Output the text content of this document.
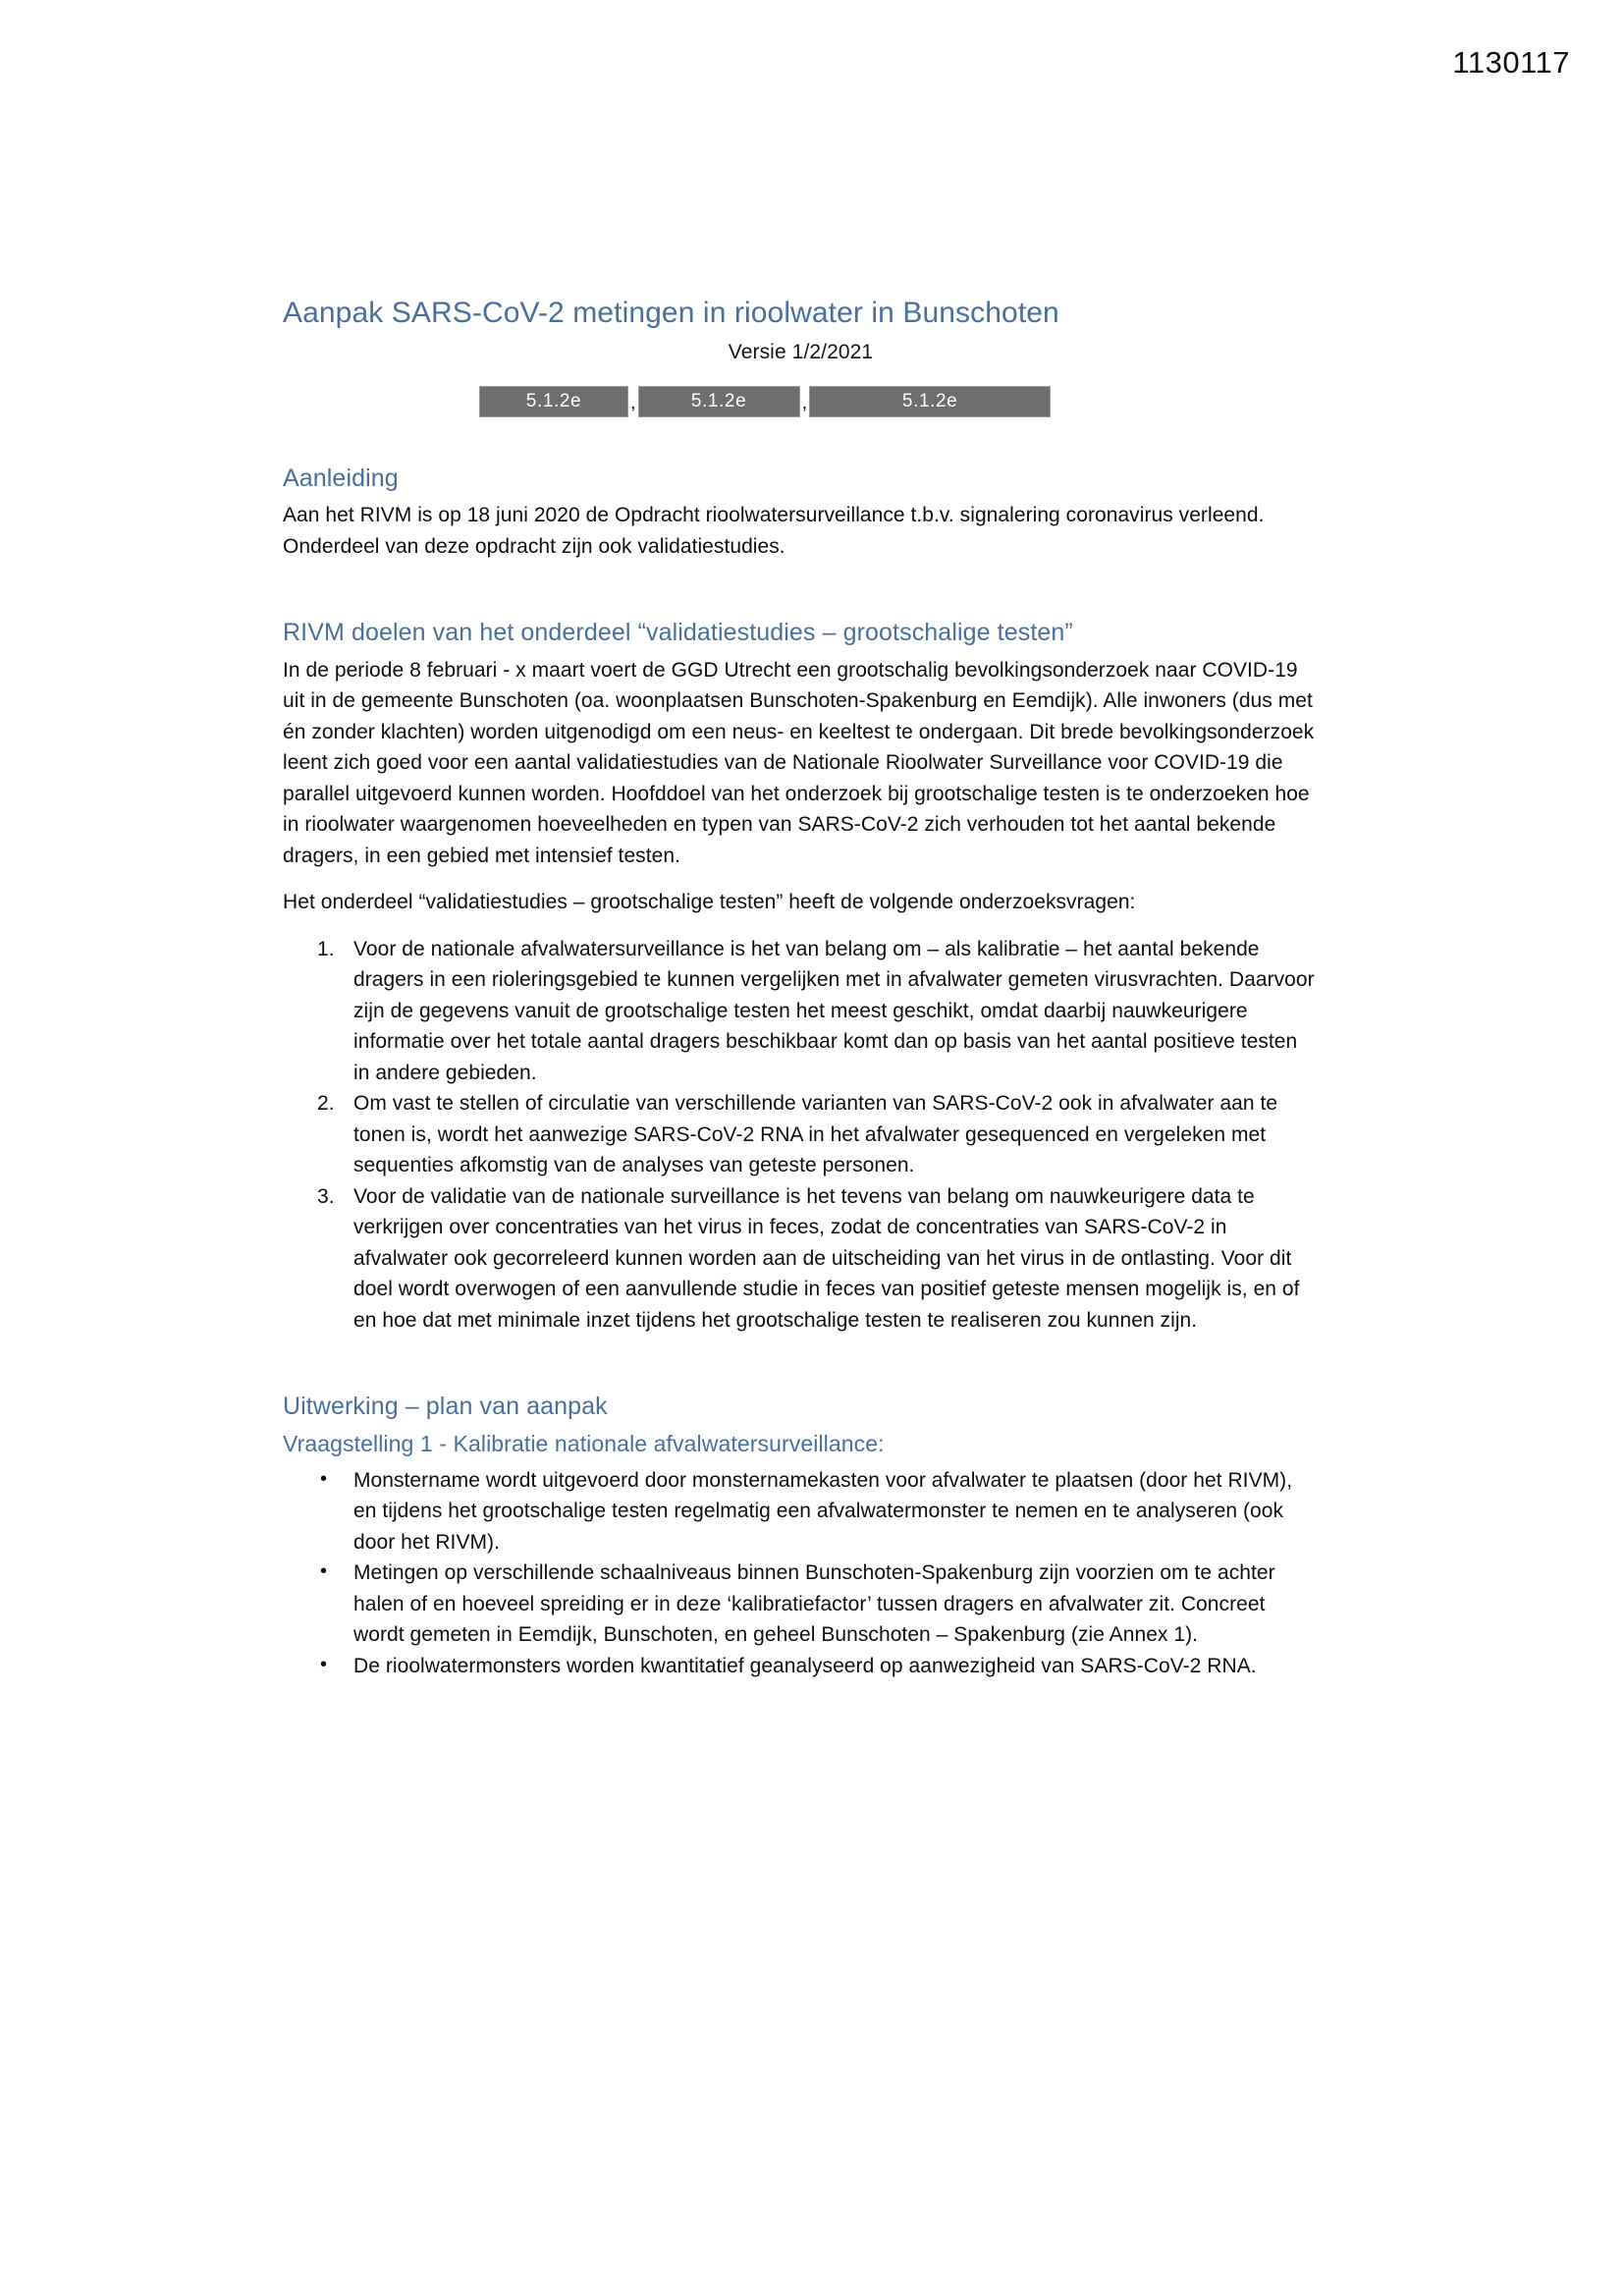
1130117
Aanpak SARS-CoV-2 metingen in rioolwater in Bunschoten
Versie 1/2/2021
5.1.2e	,	5.1.2e	,	5.1.2e
Aanleiding

Aan het RIVM is op 18 juni 2020 de Opdracht rioolwatersurveillance t.b.v. signalering coronavirus verleend. Onderdeel van deze opdracht zijn ook validatiestudies.

RIVM doelen van het onderdeel “validatiestudies – grootschalige testen”

In de periode 8 februari - x maart voert de GGD Utrecht een grootschalig bevolkingsonderzoek naar COVID-19 uit in de gemeente Bunschoten (oa. woonplaatsen Bunschoten-Spakenburg en Eemdijk). Alle inwoners (dus met én zonder klachten) worden uitgenodigd om een neus- en keeltest te ondergaan. Dit brede bevolkingsonderzoek leent zich goed voor een aantal validatiestudies van de Nationale Rioolwater Surveillance voor COVID-19 die parallel uitgevoerd kunnen worden. Hoofddoel van het onderzoek bij grootschalige testen is te onderzoeken hoe in rioolwater waargenomen hoeveelheden en typen van SARS-CoV-2 zich verhouden tot het aantal bekende dragers, in een gebied met intensief testen.

Het onderdeel “validatiestudies – grootschalige testen” heeft de volgende onderzoeksvragen:

1. Voor de nationale afvalwatersurveillance is het van belang om – als kalibratie – het aantal bekende dragers in een rioleringsgebied te kunnen vergelijken met in afvalwater gemeten virusvrachten. Daarvoor zijn de gegevens vanuit de grootschalige testen het meest geschikt, omdat daarbij nauwkeurigere informatie over het totale aantal dragers beschikbaar komt dan op basis van het aantal positieve testen in andere gebieden.
2. Om vast te stellen of circulatie van verschillende varianten van SARS-CoV-2 ook in afvalwater aan te tonen is, wordt het aanwezige SARS-CoV-2 RNA in het afvalwater gesequenced en vergeleken met sequenties afkomstig van de analyses van geteste personen.
3. Voor de validatie van de nationale surveillance is het tevens van belang om nauwkeurigere data te verkrijgen over concentraties van het virus in feces, zodat de concentraties van SARS-CoV-2 in afvalwater ook gecorreleerd kunnen worden aan de uitscheiding van het virus in de ontlasting. Voor dit doel wordt overwogen of een aanvullende studie in feces van positief geteste mensen mogelijk is, en of en hoe dat met minimale inzet tijdens het grootschalige testen te realiseren zou kunnen zijn.
Uitwerking – plan van aanpak
Vraagstelling 1 - Kalibratie nationale afvalwatersurveillance:
• Monstername wordt uitgevoerd door monsternamekasten voor afvalwater te plaatsen (door het RIVM), en tijdens het grootschalige testen regelmatig een afvalwatermonster te nemen en te analyseren (ook door het RIVM).
• Metingen op verschillende schaalniveaus binnen Bunschoten-Spakenburg zijn voorzien om te achter halen of en hoeveel spreiding er in deze ‘kalibratiefactor’ tussen dragers en afvalwater zit. Concreet wordt gemeten in Eemdijk, Bunschoten, en geheel Bunschoten – Spakenburg (zie Annex 1).
• De rioolwatermonsters worden kwantitatief geanalyseerd op aanwezigheid van SARS-CoV-2 RNA.
